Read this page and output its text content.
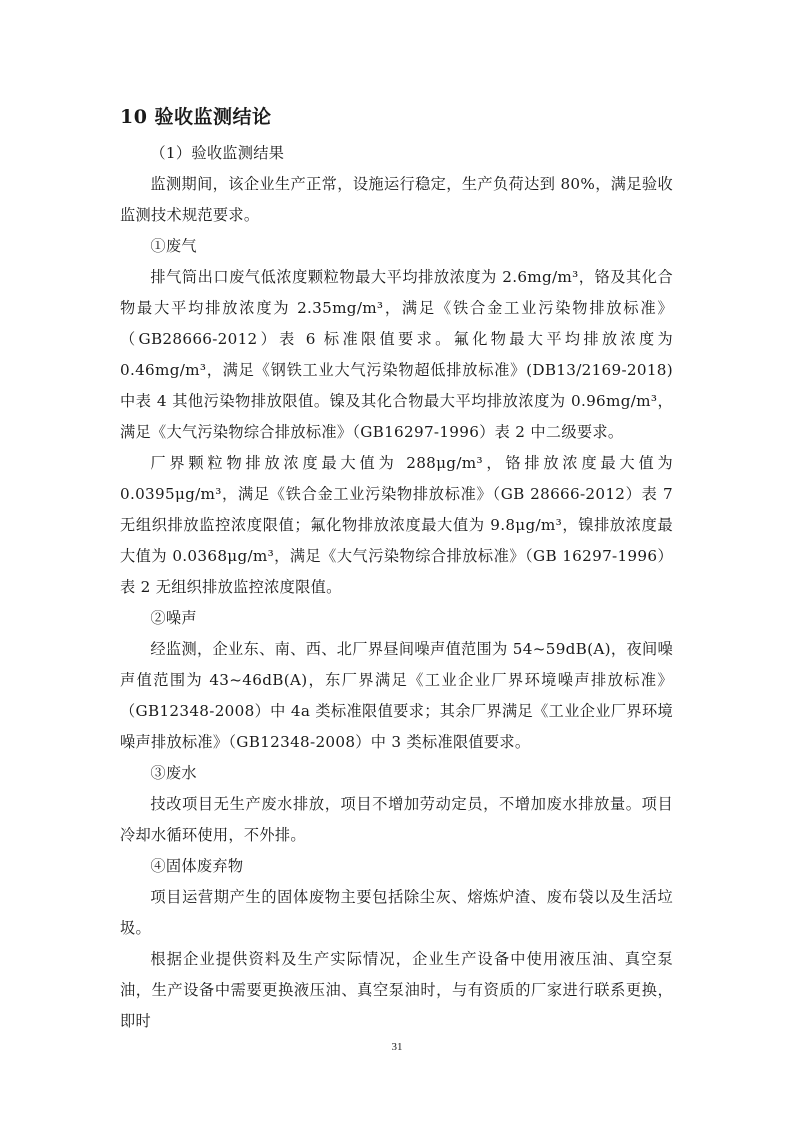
10 验收监测结论

（1）验收监测结果

监测期间，该企业生产正常，设施运行稳定，生产负荷达到 80%，满足验收监测技术规范要求。

①废气

排气筒出口废气低浓度颗粒物最大平均排放浓度为 2.6mg/m³，铬及其化合物最大平均排放浓度为 2.35mg/m³，满足《铁合金工业污染物排放标准》（GB28666-2012）表 6 标准限值要求。氟化物最大平均排放浓度为 0.46mg/m³，满足《钢铁工业大气污染物超低排放标准》(DB13/2169-2018)中表 4 其他污染物排放限值。镍及其化合物最大平均排放浓度为 0.96mg/m³，满足《大气污染物综合排放标准》（GB16297-1996）表 2 中二级要求。

厂界颗粒物排放浓度最大值为 288μg/m³，铬排放浓度最大值为 0.0395μg/m³，满足《铁合金工业污染物排放标准》（GB 28666-2012）表 7 无组织排放监控浓度限值；氟化物排放浓度最大值为 9.8μg/m³，镍排放浓度最大值为 0.0368μg/m³，满足《大气污染物综合排放标准》（GB 16297-1996）表 2 无组织排放监控浓度限值。

②噪声

经监测，企业东、南、西、北厂界昼间噪声值范围为 54~59dB(A)，夜间噪声值范围为 43~46dB(A)，东厂界满足《工业企业厂界环境噪声排放标准》（GB12348-2008）中 4a 类标准限值要求；其余厂界满足《工业企业厂界环境噪声排放标准》（GB12348-2008）中 3 类标准限值要求。

③废水

技改项目无生产废水排放，项目不增加劳动定员，不增加废水排放量。项目冷却水循环使用，不外排。

④固体废弃物

项目运营期产生的固体废物主要包括除尘灰、熔炼炉渣、废布袋以及生活垃圾。

根据企业提供资料及生产实际情况，企业生产设备中使用液压油、真空泵油，生产设备中需要更换液压油、真空泵油时，与有资质的厂家进行联系更换，即时

31
